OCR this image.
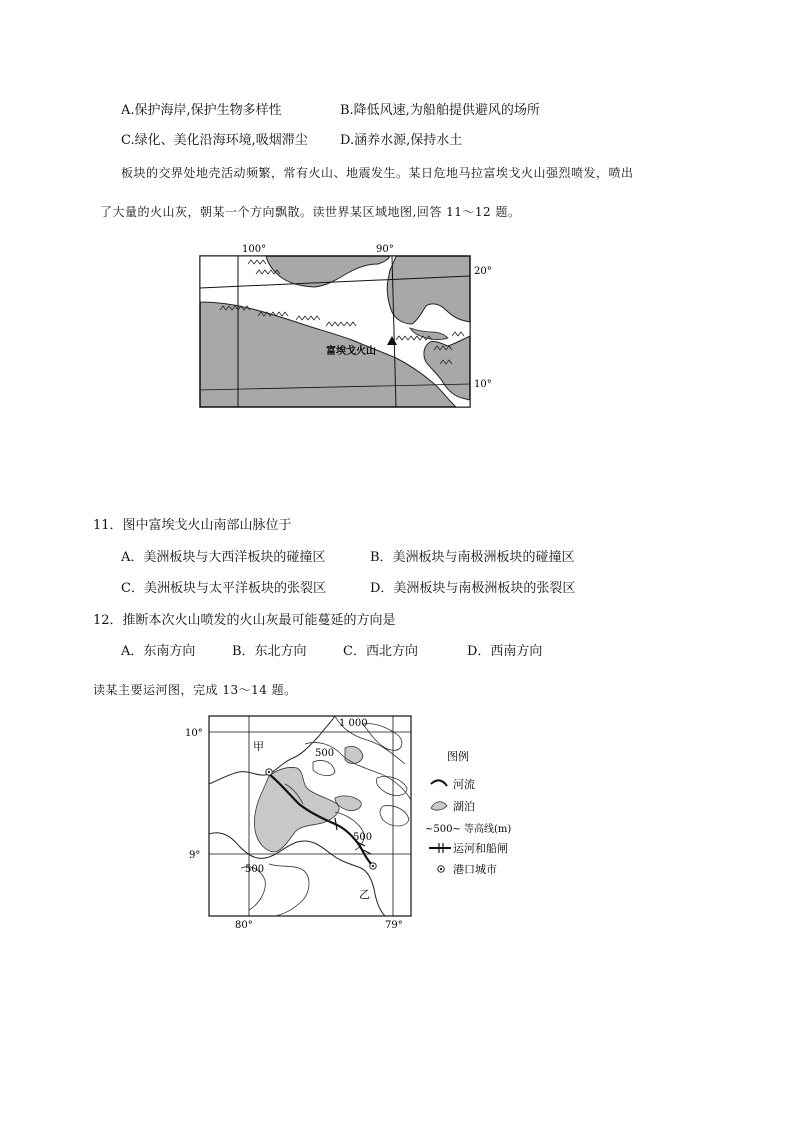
A.保护海岸,保护生物多样性	B.降低风速,为船舶提供避风的场所
C.绿化、美化沿海环境,吸烟滞尘 D.涵养水源,保持水土
板块的交界处地壳活动频繁，常有火山、地震发生。某日危地马拉富埃戈火山强烈喷发，喷出
了大量的火山灰，朝某一个方向飘散。读世界某区域地图,回答 11～12 题。
富埃戈火山
100°	90°
20°
10°
11．图中富埃戈火山南部山脉位于
A．美洲板块与大西洋板块的碰撞区	B．美洲板块与南极洲板块的碰撞区
C．美洲板块与太平洋板块的张裂区	D．美洲板块与南极洲板块的张裂区
12．推断本次火山喷发的火山灰最可能蔓延的方向是
A．东南方向	B．东北方向	C．西北方向	D．西南方向
读某主要运河图，完成 13～14 题。
甲
乙
1 000
500
500
500
10°
9°
80°	79°
图例
河流
湖泊
~500~ 等高线(m)
运河和船闸
港口城市
